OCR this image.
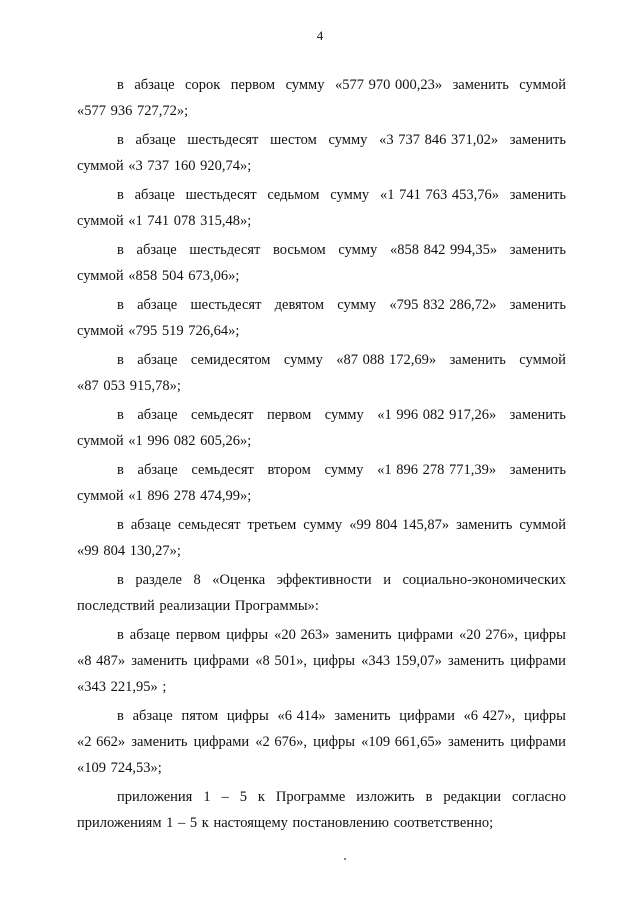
4
в абзаце сорок первом сумму «577 970 000,23» заменить суммой
«577 936 727,72»;
в абзаце шестьдесят шестом сумму «3 737 846 371,02» заменить
суммой «3 737 160 920,74»;
в абзаце шестьдесят седьмом сумму «1 741 763 453,76» заменить
суммой «1 741 078 315,48»;
в абзаце шестьдесят восьмом сумму «858 842 994,35» заменить
суммой «858 504 673,06»;
в абзаце шестьдесят девятом сумму «795 832 286,72» заменить
суммой «795 519 726,64»;
в абзаце семидесятом сумму «87 088 172,69» заменить суммой
«87 053 915,78»;
в абзаце семьдесят первом сумму «1 996 082 917,26» заменить
суммой «1 996 082 605,26»;
в абзаце семьдесят втором сумму «1 896 278 771,39» заменить
суммой «1 896 278 474,99»;
в абзаце семьдесят третьем сумму «99 804 145,87» заменить суммой
«99 804 130,27»;
в разделе 8 «Оценка эффективности и социально-экономических
последствий реализации Программы»:
в абзаце первом цифры «20 263» заменить цифрами «20 276», цифры
«8 487» заменить цифрами «8 501», цифры «343 159,07» заменить цифрами
«343 221,95» ;
в абзаце пятом цифры «6 414» заменить цифрами «6 427», цифры
«2 662» заменить цифрами «2 676», цифры «109 661,65» заменить цифрами
«109 724,53»;
приложения 1 – 5 к Программе изложить в редакции согласно
приложениям 1 – 5 к настоящему постановлению соответственно;
